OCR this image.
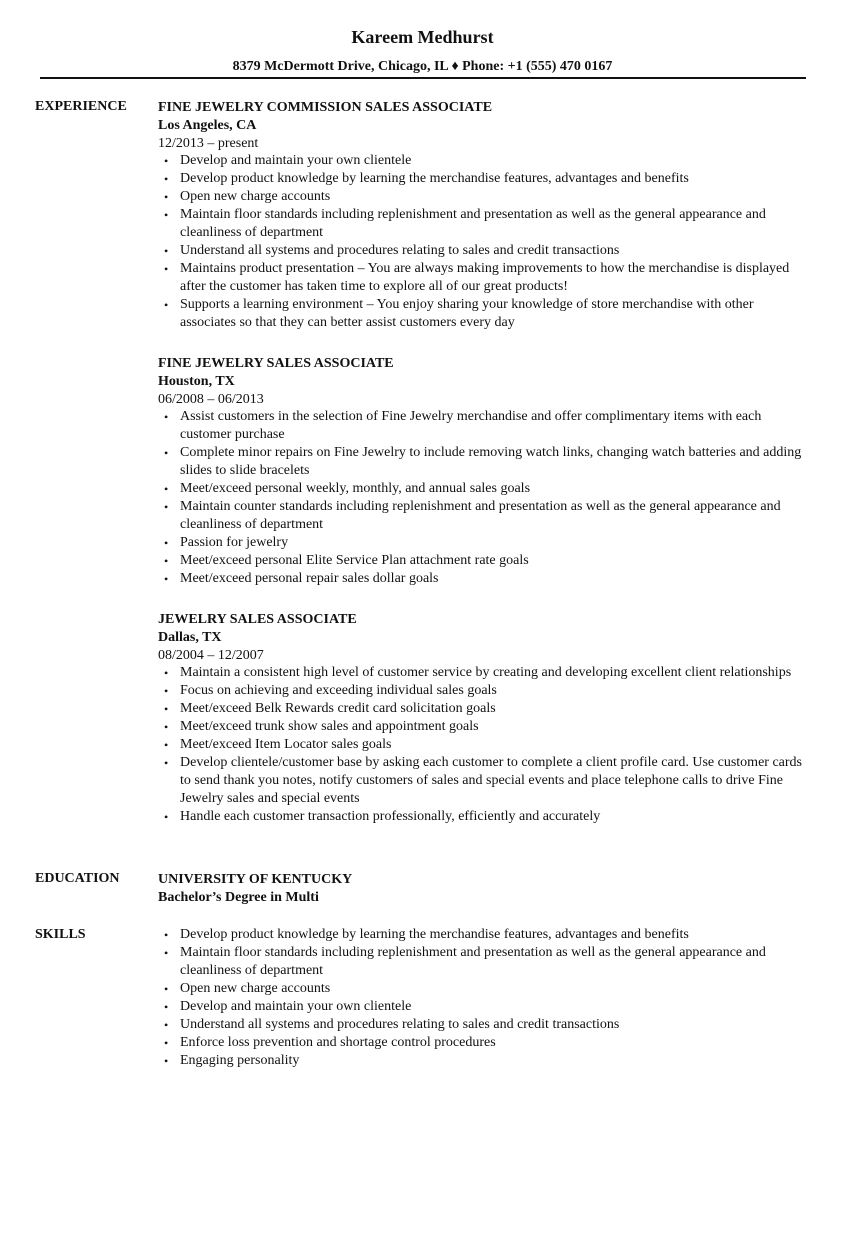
Kareem Medhurst
8379 McDermott Drive, Chicago, IL ♦ Phone: +1 (555) 470 0167
EXPERIENCE FINE JEWELRY COMMISSION SALES ASSOCIATE
Los Angeles, CA
12/2013 – present
• Develop and maintain your own clientele
• Develop product knowledge by learning the merchandise features, advantages and benefits
• Open new charge accounts
• Maintain floor standards including replenishment and presentation as well as the general appearance and cleanliness of department
• Understand all systems and procedures relating to sales and credit transactions
• Maintains product presentation – You are always making improvements to how the merchandise is displayed after the customer has taken time to explore all of our great products!
• Supports a learning environment – You enjoy sharing your knowledge of store merchandise with other associates so that they can better assist customers every day
FINE JEWELRY SALES ASSOCIATE
Houston, TX
06/2008 – 06/2013
• Assist customers in the selection of Fine Jewelry merchandise and offer complimentary items with each customer purchase
• Complete minor repairs on Fine Jewelry to include removing watch links, changing watch batteries and adding slides to slide bracelets
• Meet/exceed personal weekly, monthly, and annual sales goals
• Maintain counter standards including replenishment and presentation as well as the general appearance and cleanliness of department
• Passion for jewelry
• Meet/exceed personal Elite Service Plan attachment rate goals
• Meet/exceed personal repair sales dollar goals
JEWELRY SALES ASSOCIATE
Dallas, TX
08/2004 – 12/2007
• Maintain a consistent high level of customer service by creating and developing excellent client relationships
• Focus on achieving and exceeding individual sales goals
• Meet/exceed Belk Rewards credit card solicitation goals
• Meet/exceed trunk show sales and appointment goals
• Meet/exceed Item Locator sales goals
• Develop clientele/customer base by asking each customer to complete a client profile card. Use customer cards to send thank you notes, notify customers of sales and special events and place telephone calls to drive Fine Jewelry sales and special events
• Handle each customer transaction professionally, efficiently and accurately
EDUCATION	UNIVERSITY OF KENTUCKY
Bachelor’s Degree in Multi
SKILLS	• Develop product knowledge by learning the merchandise features, advantages and benefits
• Maintain floor standards including replenishment and presentation as well as the general appearance and cleanliness of department
• Open new charge accounts
• Develop and maintain your own clientele
• Understand all systems and procedures relating to sales and credit transactions
• Enforce loss prevention and shortage control procedures
• Engaging personality
